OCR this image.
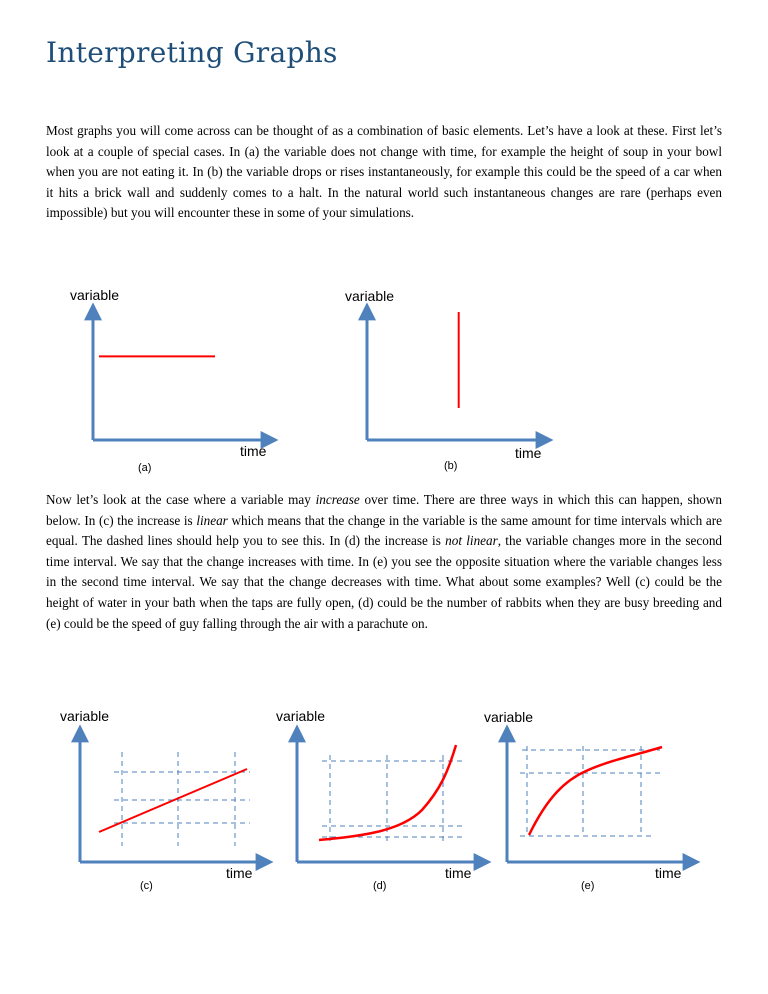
Interpreting Graphs

Most graphs you will come across can be thought of as a combination of basic elements. Let’s have a look at these. First let’s look at a couple of special cases. In (a) the variable does not change with time, for example the height of soup in your bowl when you are not eating it. In (b) the variable drops or rises instantaneously, for example this could be the speed of a car when it hits a brick wall and suddenly comes to a halt. In the natural world such instantaneous changes are rare (perhaps even impossible) but you will encounter these in some of your simulations.

variable
time
(a)
variable
time
(b)

Now let’s look at the case where a variable may increase over time. There are three ways in which this can happen, shown below. In (c) the increase is linear which means that the change in the variable is the same amount for time intervals which are equal. The dashed lines should help you to see this. In (d) the increase is not linear, the variable changes more in the second time interval. We say that the change increases with time. In (e) you see the opposite situation where the variable changes less in the second time interval. We say that the change decreases with time. What about some examples? Well (c) could be the height of water in your bath when the taps are fully open, (d) could be the number of rabbits when they are busy breeding and (e) could be the speed of guy falling through the air with a parachute on.

variable
time
(c)
variable
time
(d)
variable
time
(e)
